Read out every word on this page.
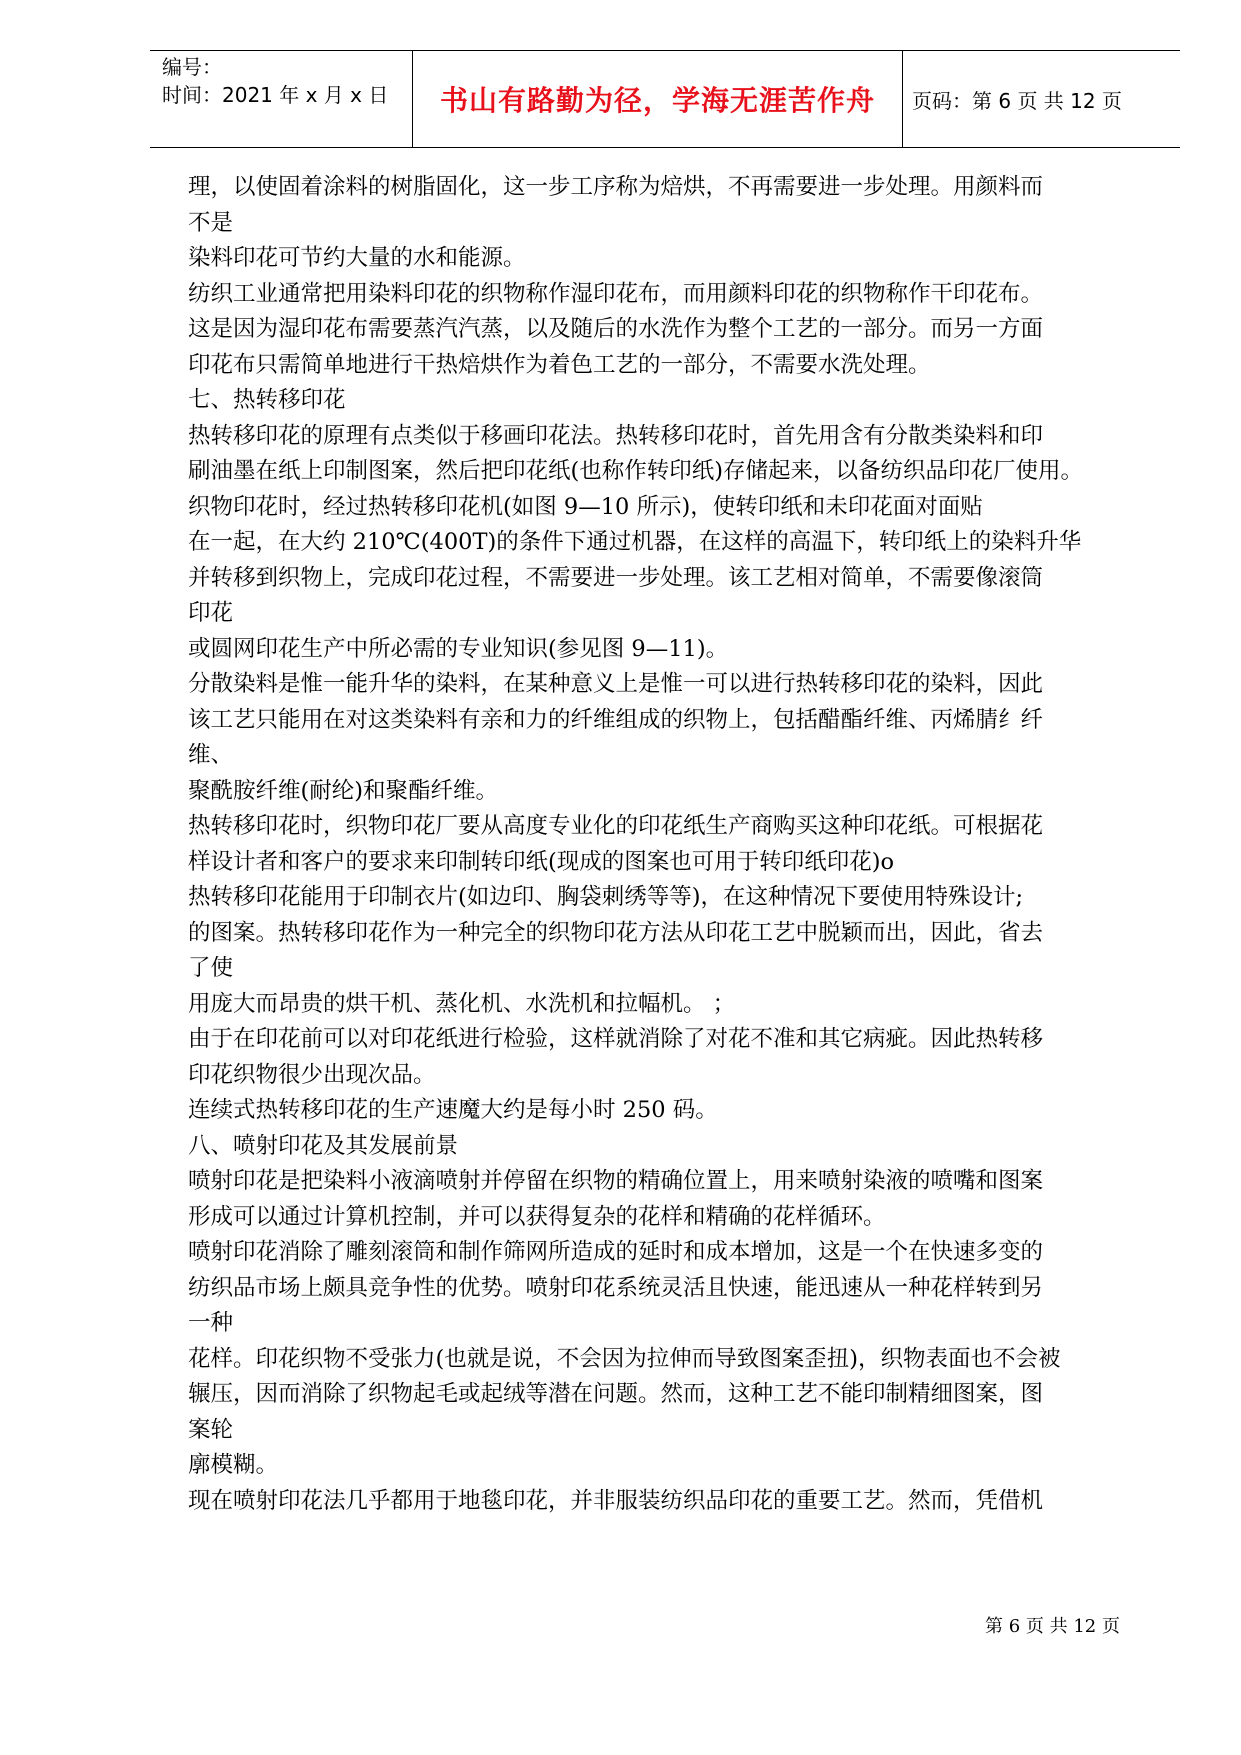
编号：
时间：2021 年 x 月 x 日	书山有路勤为径，学海无涯苦作舟	页码：第 6 页 共 12 页
理，以使固着涂料的树脂固化，这一步工序称为焙烘，不再需要进一步处理。用颜料而
不是
染料印花可节约大量的水和能源。
纺织工业通常把用染料印花的织物称作湿印花布，而用颜料印花的织物称作干印花布。
这是因为湿印花布需要蒸汽汽蒸，以及随后的水洗作为整个工艺的一部分。而另一方面
印花布只需简单地进行干热焙烘作为着色工艺的一部分，不需要水洗处理。
七、热转移印花
热转移印花的原理有点类似于移画印花法。热转移印花时，首先用含有分散类染料和印
刷油墨在纸上印制图案，然后把印花纸(也称作转印纸)存储起来，以备纺织品印花厂使用。
织物印花时，经过热转移印花机(如图 9—10 所示)，使转印纸和未印花面对面贴
在一起，在大约 210℃(400T)的条件下通过机器，在这样的高温下，转印纸上的染料升华
并转移到织物上，完成印花过程，不需要进一步处理。该工艺相对简单，不需要像滚筒
印花
或圆网印花生产中所必需的专业知识(参见图 9—11)。
分散染料是惟一能升华的染料，在某种意义上是惟一可以进行热转移印花的染料，因此
该工艺只能用在对这类染料有亲和力的纤维组成的织物上，包括醋酯纤维、丙烯腈纟纤
维、
聚酰胺纤维(耐纶)和聚酯纤维。
热转移印花时，织物印花厂要从高度专业化的印花纸生产商购买这种印花纸。可根据花
样设计者和客户的要求来印制转印纸(现成的图案也可用于转印纸印花)o
热转移印花能用于印制衣片(如边印、胸袋刺绣等等)，在这种情况下要使用特殊设计;
的图案。热转移印花作为一种完全的织物印花方法从印花工艺中脱颖而出，因此，省去
了使
用庞大而昂贵的烘干机、蒸化机、水洗机和拉幅机。 ；
由于在印花前可以对印花纸进行检验，这样就消除了对花不准和其它病疵。因此热转移
印花织物很少出现次品。
连续式热转移印花的生产速魔大约是每小时 250 码。
八、喷射印花及其发展前景
喷射印花是把染料小液滴喷射并停留在织物的精确位置上，用来喷射染液的喷嘴和图案
形成可以通过计算机控制，并可以获得复杂的花样和精确的花样循环。
喷射印花消除了雕刻滚筒和制作筛网所造成的延时和成本增加，这是一个在快速多变的
纺织品市场上颇具竞争性的优势。喷射印花系统灵活且快速，能迅速从一种花样转到另
一种
花样。印花织物不受张力(也就是说，不会因为拉伸而导致图案歪扭)，织物表面也不会被
辗压，因而消除了织物起毛或起绒等潜在问题。然而，这种工艺不能印制精细图案，图
案轮
廓模糊。
现在喷射印花法几乎都用于地毯印花，并非服装纺织品印花的重要工艺。然而，凭借机
第 6 页 共 12 页
